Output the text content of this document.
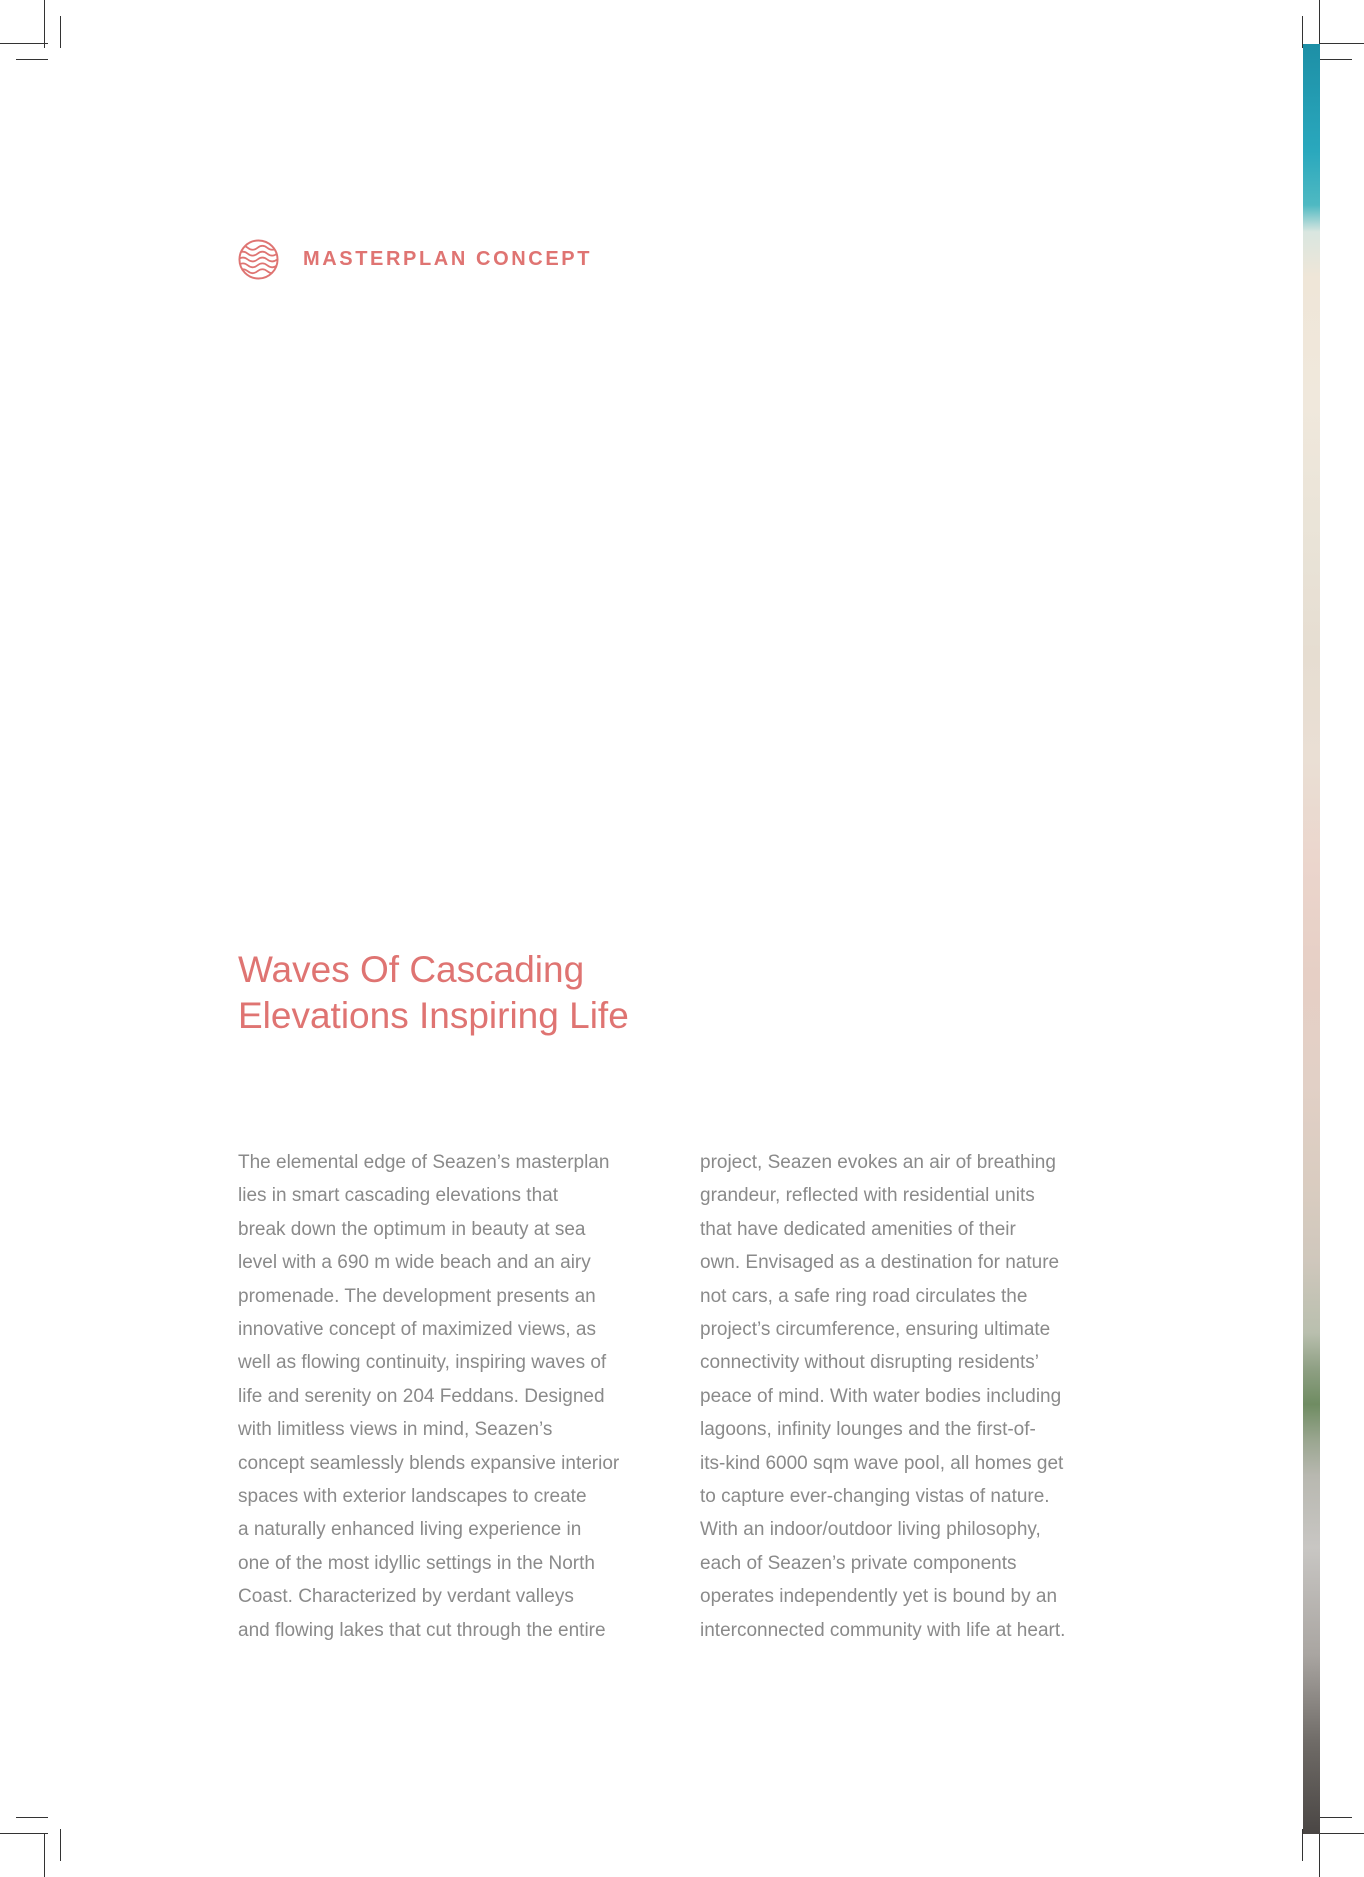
MASTERPLAN CONCEPT
Waves Of Cascading
Elevations Inspiring Life
The elemental edge of Seazen’s masterplan
lies in smart cascading elevations that
break down the optimum in beauty at sea
level with a 690 m wide beach and an airy
promenade. The development presents an
innovative concept of maximized views, as
well as flowing continuity, inspiring waves of
life and serenity on 204 Feddans. Designed
with limitless views in mind, Seazen’s
concept seamlessly blends expansive interior
spaces with exterior landscapes to create
a naturally enhanced living experience in
one of the most idyllic settings in the North
Coast. Characterized by verdant valleys
and flowing lakes that cut through the entire
project, Seazen evokes an air of breathing
grandeur, reflected with residential units
that have dedicated amenities of their
own. Envisaged as a destination for nature
not cars, a safe ring road circulates the
project’s circumference, ensuring ultimate
connectivity without disrupting residents’
peace of mind. With water bodies including
lagoons, infinity lounges and the first-of-
its-kind 6000 sqm wave pool, all homes get
to capture ever-changing vistas of nature.
With an indoor/outdoor living philosophy,
each of Seazen’s private components
operates independently yet is bound by an
interconnected community with life at heart.
